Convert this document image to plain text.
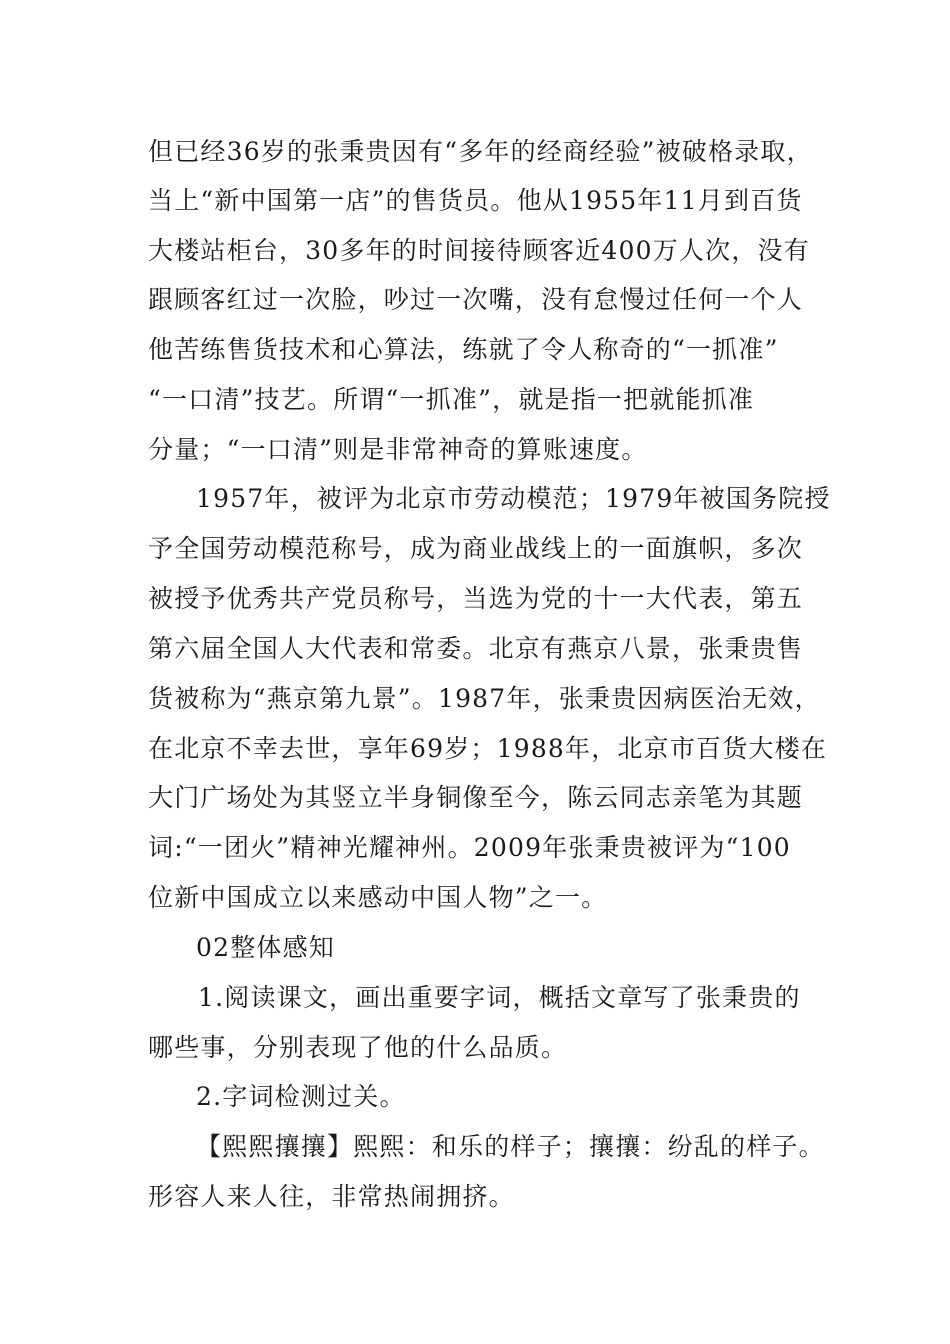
但已经36岁的张秉贵因有“多年的经商经验”被破格录取，
当上“新中国第一店”的售货员。他从1955年11月到百货
大楼站柜台，30多年的时间接待顾客近400万人次，没有
跟顾客红过一次脸，吵过一次嘴，没有怠慢过任何一个人
他苦练售货技术和心算法，练就了令人称奇的“一抓准”
“一口清”技艺。所谓“一抓准”，就是指一把就能抓准
分量；“一口清”则是非常神奇的算账速度。
1957年，被评为北京市劳动模范；1979年被国务院授
予全国劳动模范称号，成为商业战线上的一面旗帜，多次
被授予优秀共产党员称号，当选为党的十一大代表，第五
第六届全国人大代表和常委。北京有燕京八景，张秉贵售
货被称为“燕京第九景”。1987年，张秉贵因病医治无效，
在北京不幸去世，享年69岁；1988年，北京市百货大楼在
大门广场处为其竖立半身铜像至今，陈云同志亲笔为其题
词:“一团火”精神光耀神州。2009年张秉贵被评为“100
位新中国成立以来感动中国人物”之一。
02整体感知
1.阅读课文，画出重要字词，概括文章写了张秉贵的
哪些事，分别表现了他的什么品质。
2.字词检测过关。
【熙熙攘攘】熙熙：和乐的样子；攘攘：纷乱的样子。
形容人来人往，非常热闹拥挤。
